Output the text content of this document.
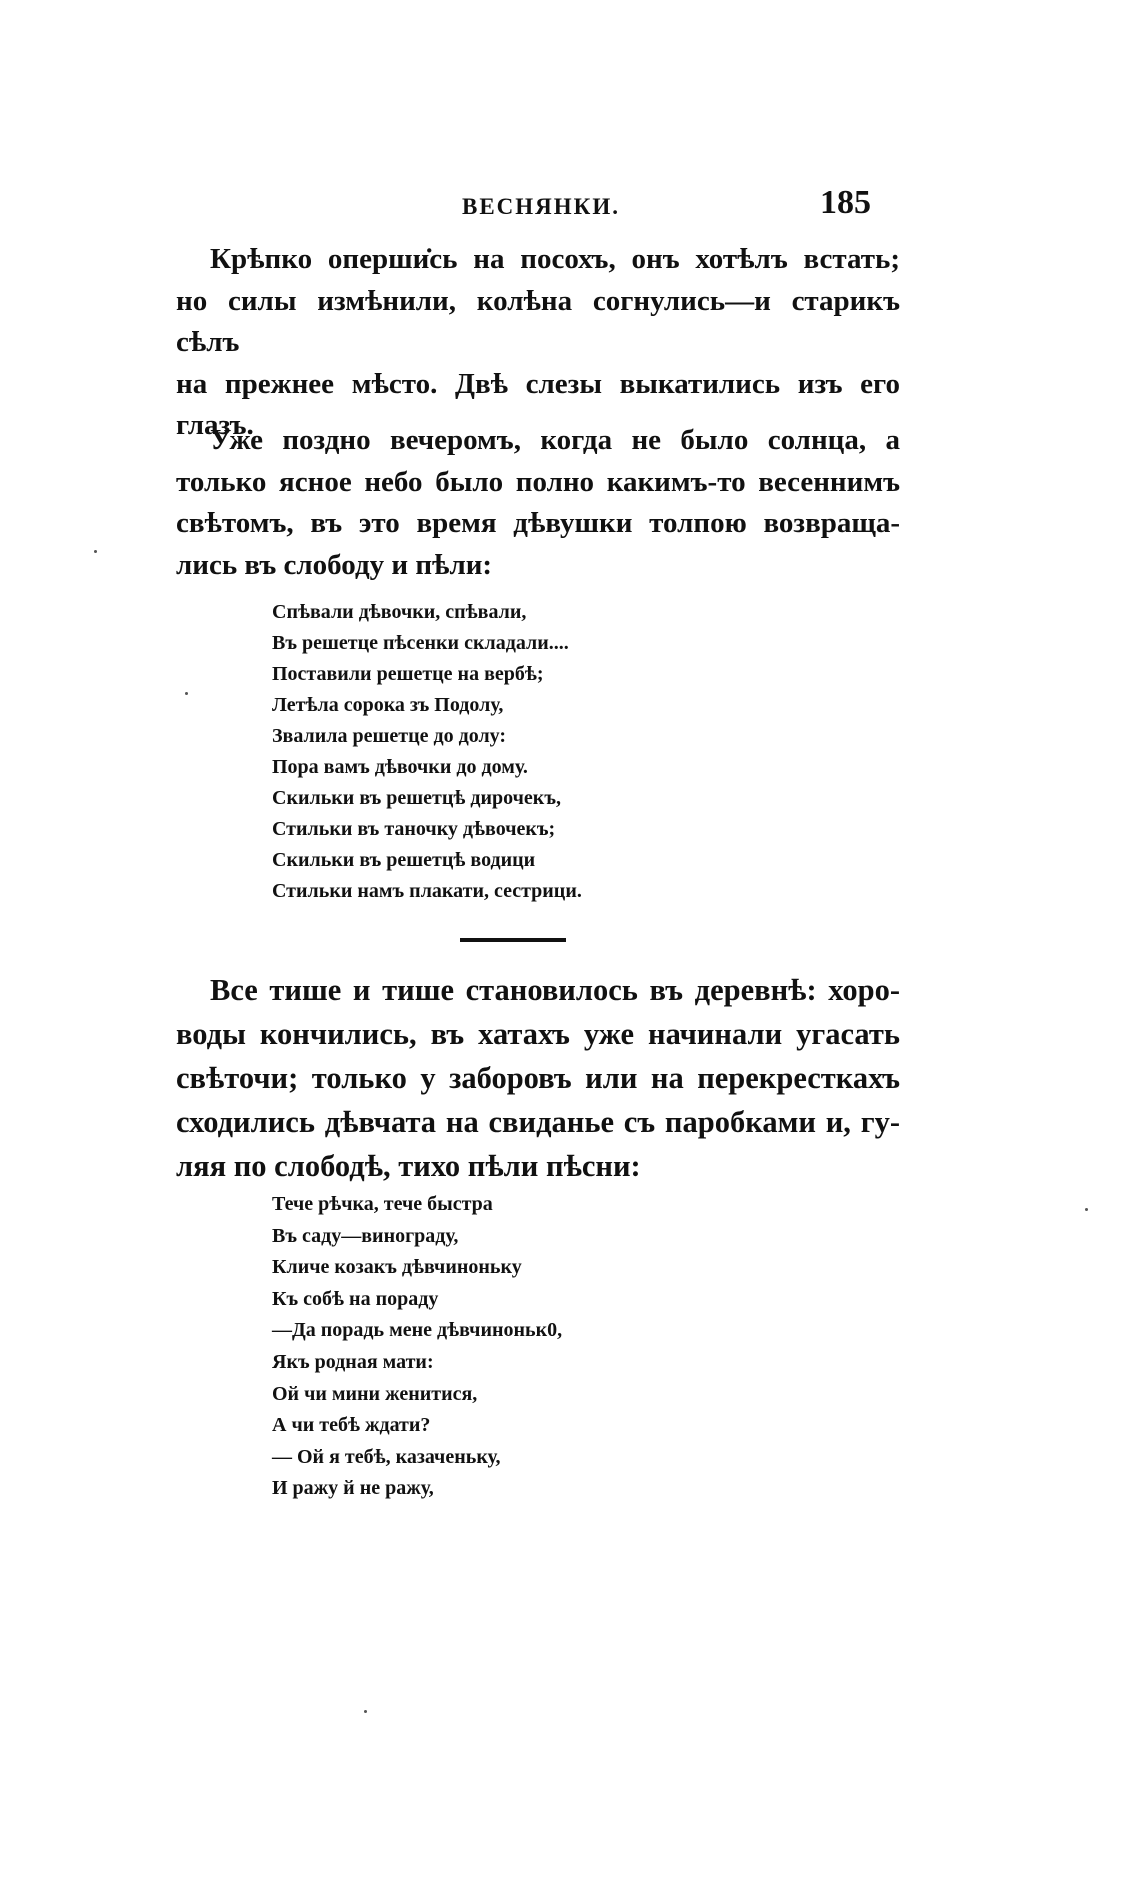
ВЕСНЯНКИ.	185
Крѣпко оперши̇сь на посохъ, онъ хотѣлъ встать;
но силы измѣнили, колѣна согнулись—и старикъ сѣлъ
на прежнее мѣсто. Двѣ слезы выкатились изъ его
глазъ.
Уже поздно вечеромъ, когда не было солнца, а
только ясное небо было полно какимъ-то весеннимъ
свѣтомъ, въ это время дѣвушки толпою возвраща-
лись въ слободу и пѣли:
Спѣвали дѣвочки, спѣвали,
Въ решетце пѣсенки складали....
Поставили решетце на вербѣ;
Летѣла сорока зъ Подолу,
Звалила решетце до долу:
Пора вамъ дѣвочки до дому.
Скильки въ решетцѣ дирочекъ,
Стильки въ таночку дѣвочекъ;
Скильки въ решетцѣ водици
Стильки намъ плакати, сестрици.
Все тише и тише становилось въ деревнѣ: хоро-
воды кончились, въ хатахъ уже начинали угасать
свѣточи; только у заборовъ или на перекресткахъ
сходились дѣвчата на свиданье съ паробками и, гу-
ляя по слободѣ, тихо пѣли пѣсни:
Тече рѣчка, тече быстра
Въ саду—винограду,
Кличе козакъ дѣвчиноньку
Къ собѣ на пораду
—Да порадь мене дѣвчиноньк0,
Якъ родная мати:
Ой чи мини женитися,
А чи тебѣ ждати?
— Ой я тебѣ, казаченьку,
И ражу й не ражу,
